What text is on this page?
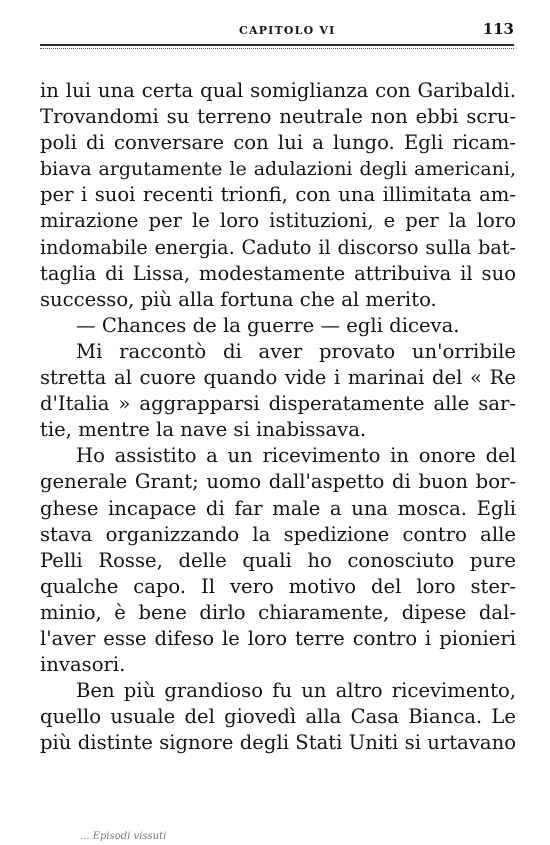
CAPITOLO VI	113
in lui una certa qual somiglianza con Garibaldi.
Trovandomi su terreno neutrale non ebbi scru-
poli di conversare con lui a lungo. Egli ricam-
biava argutamente le adulazioni degli americani,
per i suoi recenti trionfi, con una illimitata am-
mirazione per le loro istituzioni, e per la loro
indomabile energia. Caduto il discorso sulla bat-
taglia di Lissa, modestamente attribuiva il suo
successo, più alla fortuna che al merito.
— Chances de la guerre — egli diceva.
Mi raccontò di aver provato un'orribile
stretta al cuore quando vide i marinai del « Re
d'Italia » aggrapparsi disperatamente alle sar-
tie, mentre la nave si inabissava.
Ho assistito a un ricevimento in onore del
generale Grant; uomo dall'aspetto di buon bor-
ghese incapace di far male a una mosca. Egli
stava organizzando la spedizione contro alle
Pelli Rosse, delle quali ho conosciuto pure
qualche capo. Il vero motivo del loro ster-
minio, è bene dirlo chiaramente, dipese dal-
l'aver esse difeso le loro terre contro i pionieri
invasori.
Ben più grandioso fu un altro ricevimento,
quello usuale del giovedì alla Casa Bianca. Le
più distinte signore degli Stati Uniti si urtavano
... Episodi vissuti
